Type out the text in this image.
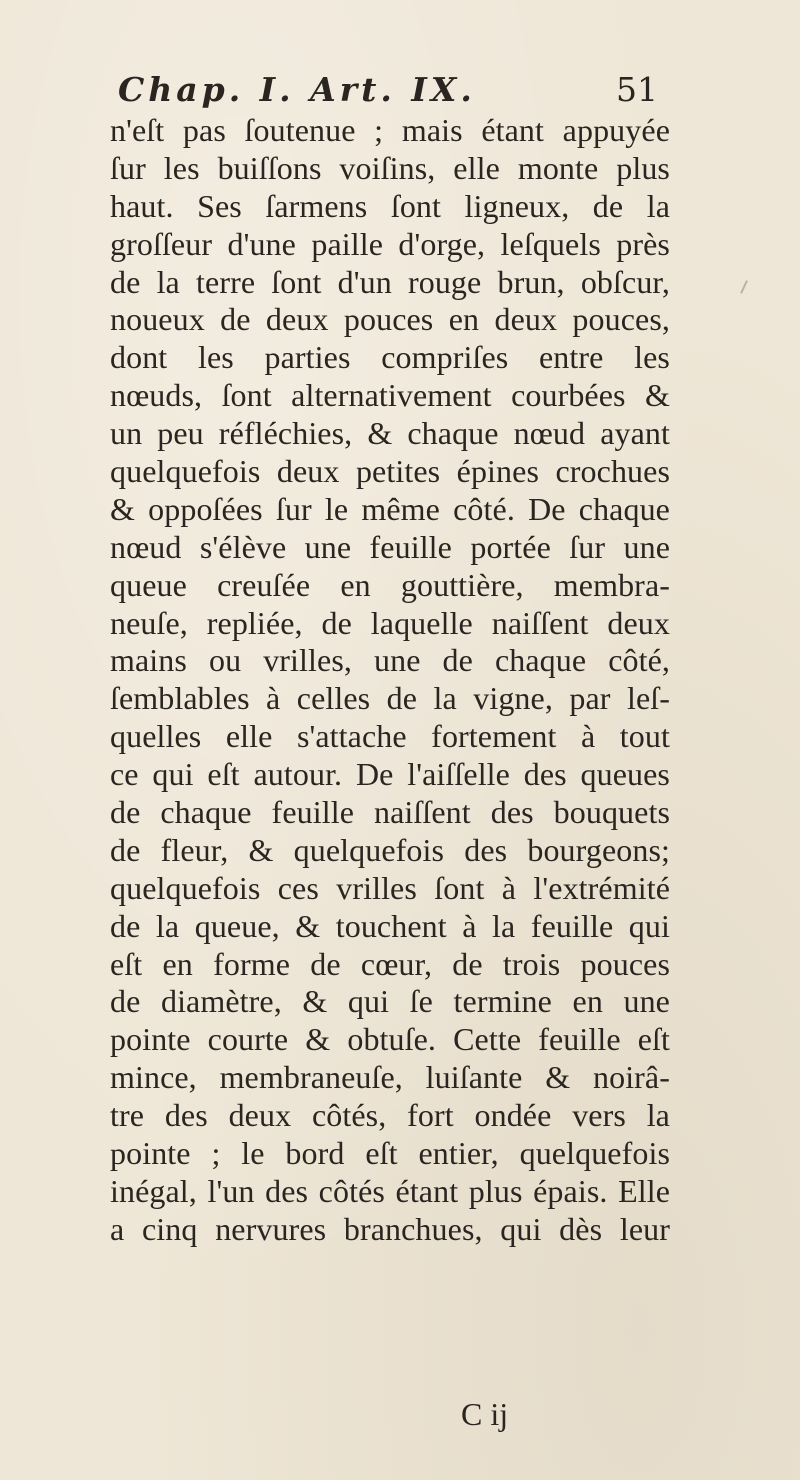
Chap. I. Art. IX.	51
n'eſt pas ſoutenue ; mais étant appuyée
ſur les buiſſons voiſins, elle monte plus
haut. Ses ſarmens ſont ligneux, de la
groſſeur d'une paille d'orge, leſquels près
de la terre ſont d'un rouge brun, obſcur,
noueux de deux pouces en deux pouces,
dont les parties compriſes entre les
nœuds, ſont alternativement courbées &
un peu réfléchies, & chaque nœud ayant
quelquefois deux petites épines crochues
& oppoſées ſur le même côté. De chaque
nœud s'élève une feuille portée ſur une
queue creuſée en gouttière, membra-
neuſe, repliée, de laquelle naiſſent deux
mains ou vrilles, une de chaque côté,
ſemblables à celles de la vigne, par leſ-
quelles elle s'attache fortement à tout
ce qui eſt autour. De l'aiſſelle des queues
de chaque feuille naiſſent des bouquets
de fleur, & quelquefois des bourgeons;
quelquefois ces vrilles ſont à l'extrémité
de la queue, & touchent à la feuille qui
eſt en forme de cœur, de trois pouces
de diamètre, & qui ſe termine en une
pointe courte & obtuſe. Cette feuille eſt
mince, membraneuſe, luiſante & noirâ-
tre des deux côtés, fort ondée vers la
pointe ; le bord eſt entier, quelquefois
inégal, l'un des côtés étant plus épais. Elle
a cinq nervures branchues, qui dès leur
C ij
